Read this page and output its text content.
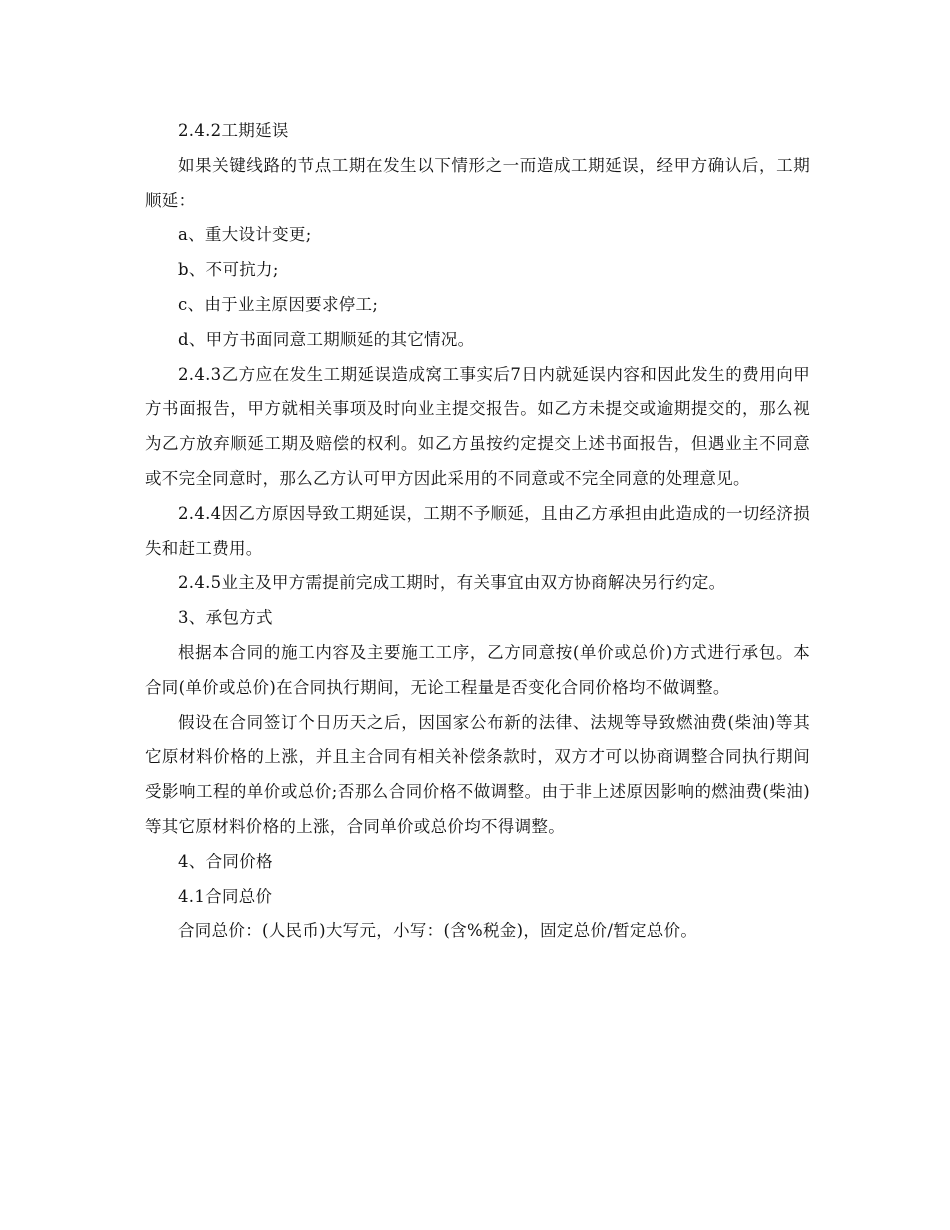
2.4.2工期延误

如果关键线路的节点工期在发生以下情形之一而造成工期延误，经甲方确认后，工期顺延：

a、重大设计变更;

b、不可抗力;

c、由于业主原因要求停工;

d、甲方书面同意工期顺延的其它情况。

2.4.3乙方应在发生工期延误造成窝工事实后7日内就延误内容和因此发生的费用向甲方书面报告，甲方就相关事项及时向业主提交报告。如乙方未提交或逾期提交的，那么视为乙方放弃顺延工期及赔偿的权利。如乙方虽按约定提交上述书面报告，但遇业主不同意或不完全同意时，那么乙方认可甲方因此采用的不同意或不完全同意的处理意见。

2.4.4因乙方原因导致工期延误，工期不予顺延，且由乙方承担由此造成的一切经济损失和赶工费用。

2.4.5业主及甲方需提前完成工期时，有关事宜由双方协商解决另行约定。

3、承包方式

根据本合同的施工内容及主要施工工序，乙方同意按(单价或总价)方式进行承包。本合同(单价或总价)在合同执行期间，无论工程量是否变化合同价格均不做调整。

假设在合同签订个日历天之后，因国家公布新的法律、法规等导致燃油费(柴油)等其它原材料价格的上涨，并且主合同有相关补偿条款时，双方才可以协商调整合同执行期间受影响工程的单价或总价;否那么合同价格不做调整。由于非上述原因影响的燃油费(柴油)等其它原材料价格的上涨，合同单价或总价均不得调整。

4、合同价格

4.1合同总价

合同总价：(人民币)大写元，小写：(含%税金)，固定总价/暂定总价。
